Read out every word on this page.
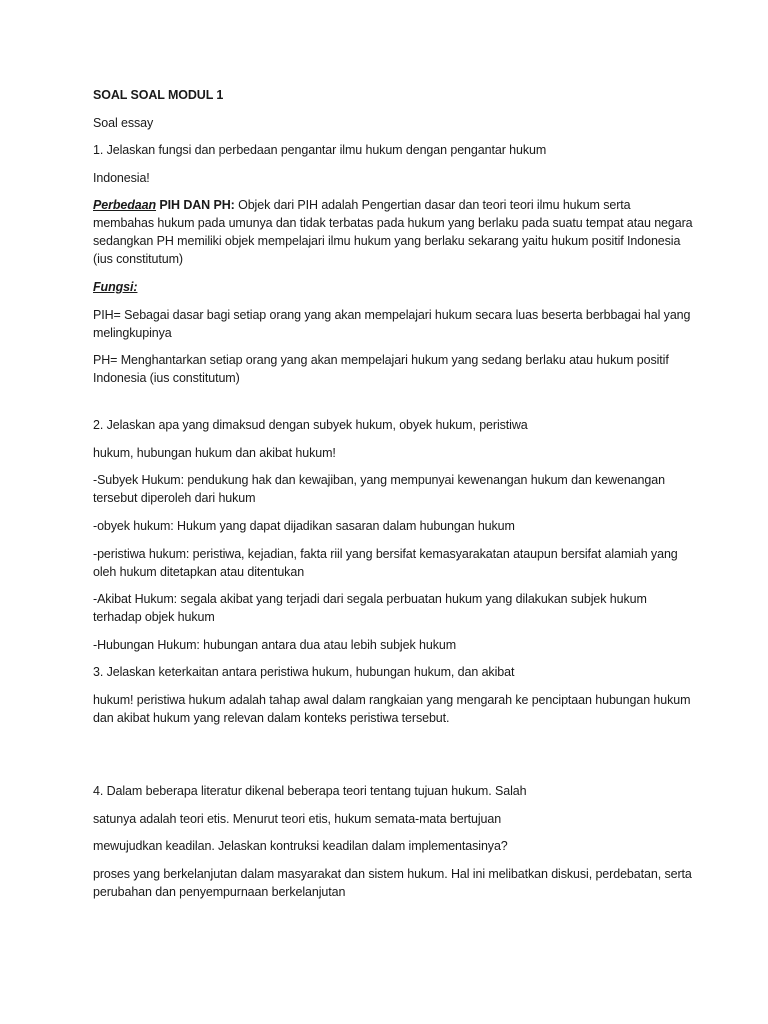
SOAL SOAL MODUL 1

Soal essay

1. Jelaskan fungsi dan perbedaan pengantar ilmu hukum dengan pengantar hukum

Indonesia!

Perbedaan PIH DAN PH: Objek dari PIH adalah Pengertian dasar dan teori teori ilmu hukum serta membahas hukum pada umunya dan tidak terbatas pada hukum yang berlaku pada suatu tempat atau negara sedangkan PH memiliki objek mempelajari ilmu hukum yang berlaku sekarang yaitu hukum positif Indonesia (ius constitutum)

Fungsi:

PIH= Sebagai dasar bagi setiap orang yang akan mempelajari hukum secara luas beserta berbbagai hal yang melingkupinya

PH= Menghantarkan setiap orang yang akan mempelajari hukum yang sedang berlaku atau hukum positif Indonesia (ius constitutum)

2. Jelaskan apa yang dimaksud dengan subyek hukum, obyek hukum, peristiwa

hukum, hubungan hukum dan akibat hukum!

-Subyek Hukum: pendukung hak dan kewajiban, yang mempunyai kewenangan hukum dan kewenangan tersebut diperoleh dari hukum

-obyek hukum: Hukum yang dapat dijadikan sasaran dalam hubungan hukum

-peristiwa hukum: peristiwa, kejadian, fakta riil yang bersifat kemasyarakatan ataupun bersifat alamiah yang oleh hukum ditetapkan atau ditentukan

-Akibat Hukum: segala akibat yang terjadi dari segala perbuatan hukum yang dilakukan subjek hukum terhadap objek hukum

-Hubungan Hukum: hubungan antara dua atau lebih subjek hukum

3. Jelaskan keterkaitan antara peristiwa hukum, hubungan hukum, dan akibat

hukum! peristiwa hukum adalah tahap awal dalam rangkaian yang mengarah ke penciptaan hubungan hukum dan akibat hukum yang relevan dalam konteks peristiwa tersebut.

4. Dalam beberapa literatur dikenal beberapa teori tentang tujuan hukum. Salah

satunya adalah teori etis. Menurut teori etis, hukum semata-mata bertujuan

mewujudkan keadilan. Jelaskan kontruksi keadilan dalam implementasinya?

proses yang berkelanjutan dalam masyarakat dan sistem hukum. Hal ini melibatkan diskusi, perdebatan, serta perubahan dan penyempurnaan berkelanjutan
